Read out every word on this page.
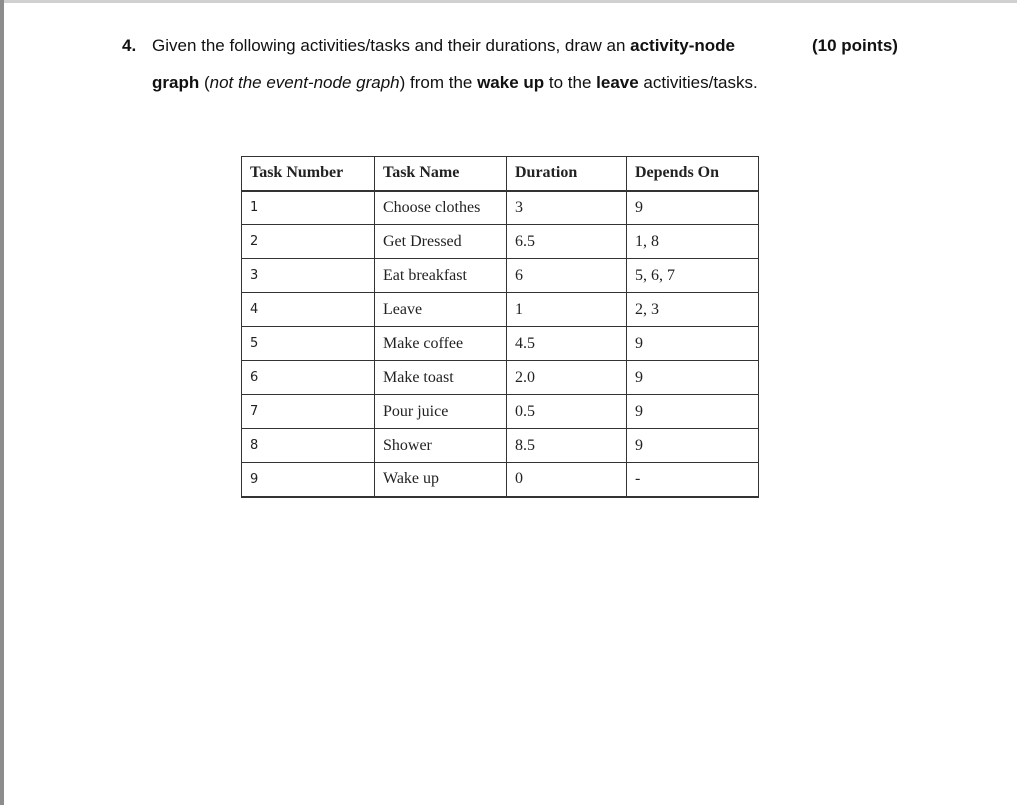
4. Given the following activities/tasks and their durations, draw an activity-node	(10 points)
graph (not the event-node graph) from the wake up to the leave activities/tasks.
Task Number	Task Name	Duration	Depends On
1	Choose clothes	3	9
2	Get Dressed	6.5	1, 8
3	Eat breakfast	6	5, 6, 7
4	Leave	1	2, 3
5	Make coffee	4.5	9
6	Make toast	2.0	9
7	Pour juice	0.5	9
8	Shower	8.5	9
9	Wake up	0	-
